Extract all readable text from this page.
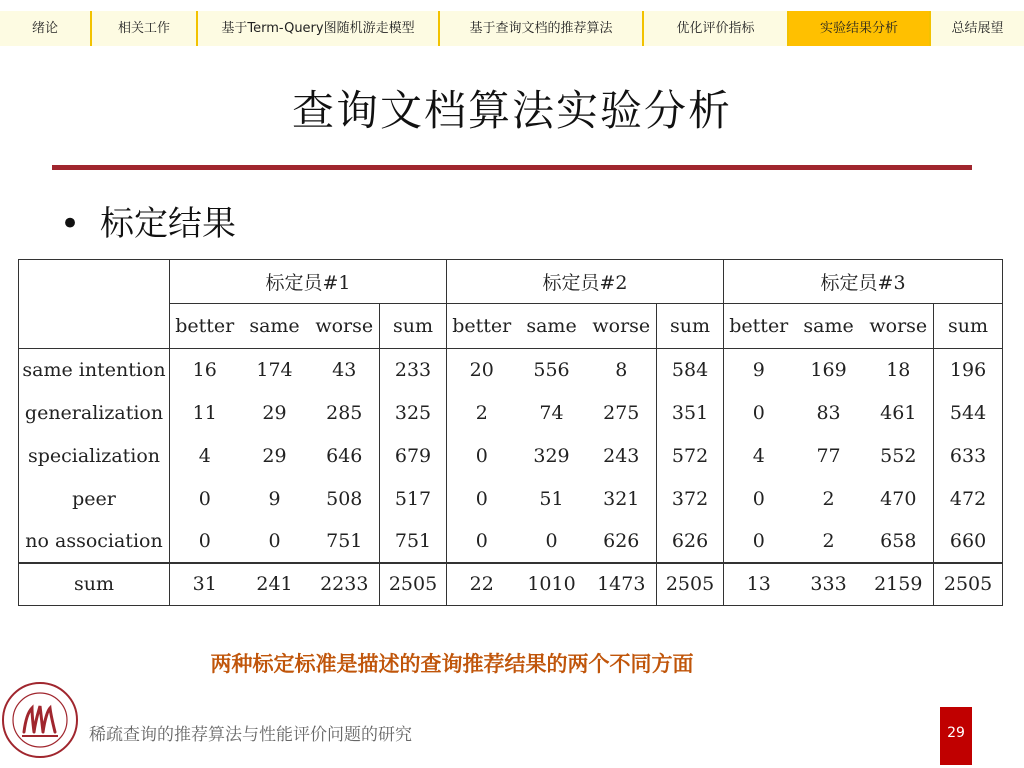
绪论	相关工作	基于Term-Query图随机游走模型	基于查询文档的推荐算法	优化评价指标	实验结果分析	总结展望
查询文档算法实验分析
• 标定结果
	标定员#1				标定员#2				标定员#3			
	better	same	worse	sum	better	same	worse	sum	better	same	worse	sum
same intention	16	174	43	233	20	556	8	584	9	169	18	196
generalization	11	29	285	325	2	74	275	351	0	83	461	544
specialization	4	29	646	679	0	329	243	572	4	77	552	633
peer	0	9	508	517	0	51	321	372	0	2	470	472
no association	0	0	751	751	0	0	626	626	0	2	658	660
sum	31	241	2233	2505	22	1010	1473	2505	13	333	2159	2505
两种标定标准是描述的查询推荐结果的两个不同方面
稀疏查询的推荐算法与性能评价问题的研究	29
